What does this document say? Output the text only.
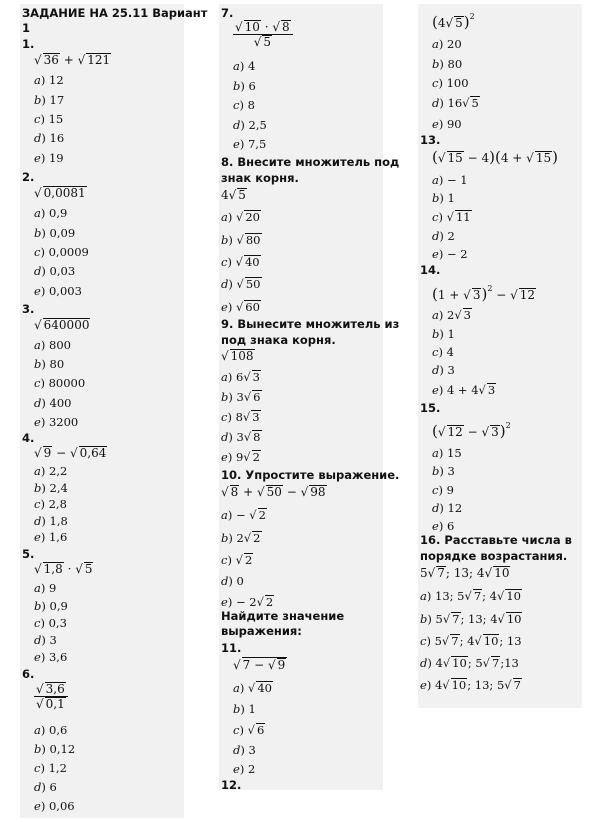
ЗАДАНИЕ НА 25.11 Вариант
1
1.
√ 36 + √ 121
a) 12
b) 17
c) 15
d) 16
e) 19
2.
√ 0,0081
a) 0,9
b) 0,09
c) 0,0009
d) 0,03
e) 0,003
3.
√ 640000
a) 800
b) 80
c) 80000
d) 400
e) 3200
4.
√ 9 − √ 0,64
a) 2,2
b) 2,4
c) 2,8
d) 1,8
e) 1,6
5.
√ 1,8 · √ 5
a) 9
b) 0,9
c) 0,3
d) 3
e) 3,6
6.
$\frac{√ 3,6}{√ 0,1}$
a) 0,6
b) 0,12
c) 1,2
d) 6
e) 0,06
7.
$\frac{√ 10 \cdot √ 8}{√ 5}$
a) 4
b) 6
c) 8
d) 2,5
e) 7,5
8. Внесите множитель под
знак корня.
4√ 5
a) √ 20
b) √ 80
c) √ 40
d) √ 50
e) √ 60
9. Вынесите множитель из
под знака корня.
√ 108
a) 6√ 3
b) 3√ 6
c) 8√ 3
d) 3√ 8
e) 9√ 2
10. Упростите выражение.
√ 8 + √ 50 − √ 98
a) − √ 2
b) 2√ 2
c) √ 2
d) 0
e) − 2√ 2
Найдите значение
выражения:
11.
√ 7 − √ 9
a) √ 40
b) 1
c) √ 6
d) 3
e) 2
12.
(4√ 5)$^2$
a) 20
b) 80
c) 100
d) 16√ 5
e) 90
13.
(√ 15 − 4)(4 + √ 15)
a) − 1
b) 1
c) √ 11
d) 2
e) − 2
14.
(1 + √ 3)$^2$ − √ 12
a) 2√ 3
b) 1
c) 4
d) 3
e) 4 + 4√ 3
15.
(√ 12 − √ 3)$^2$
a) 15
b) 3
c) 9
d) 12
e) 6
16. Расставьте числа в
порядке возрастания.
5√ 7; 13; 4√ 10
a) 13; 5√ 7; 4√ 10
b) 5√ 7; 13; 4√ 10
c) 5√ 7; 4√ 10; 13
d) 4√ 10; 5√ 7;13
e) 4√ 10; 13; 5√ 7
